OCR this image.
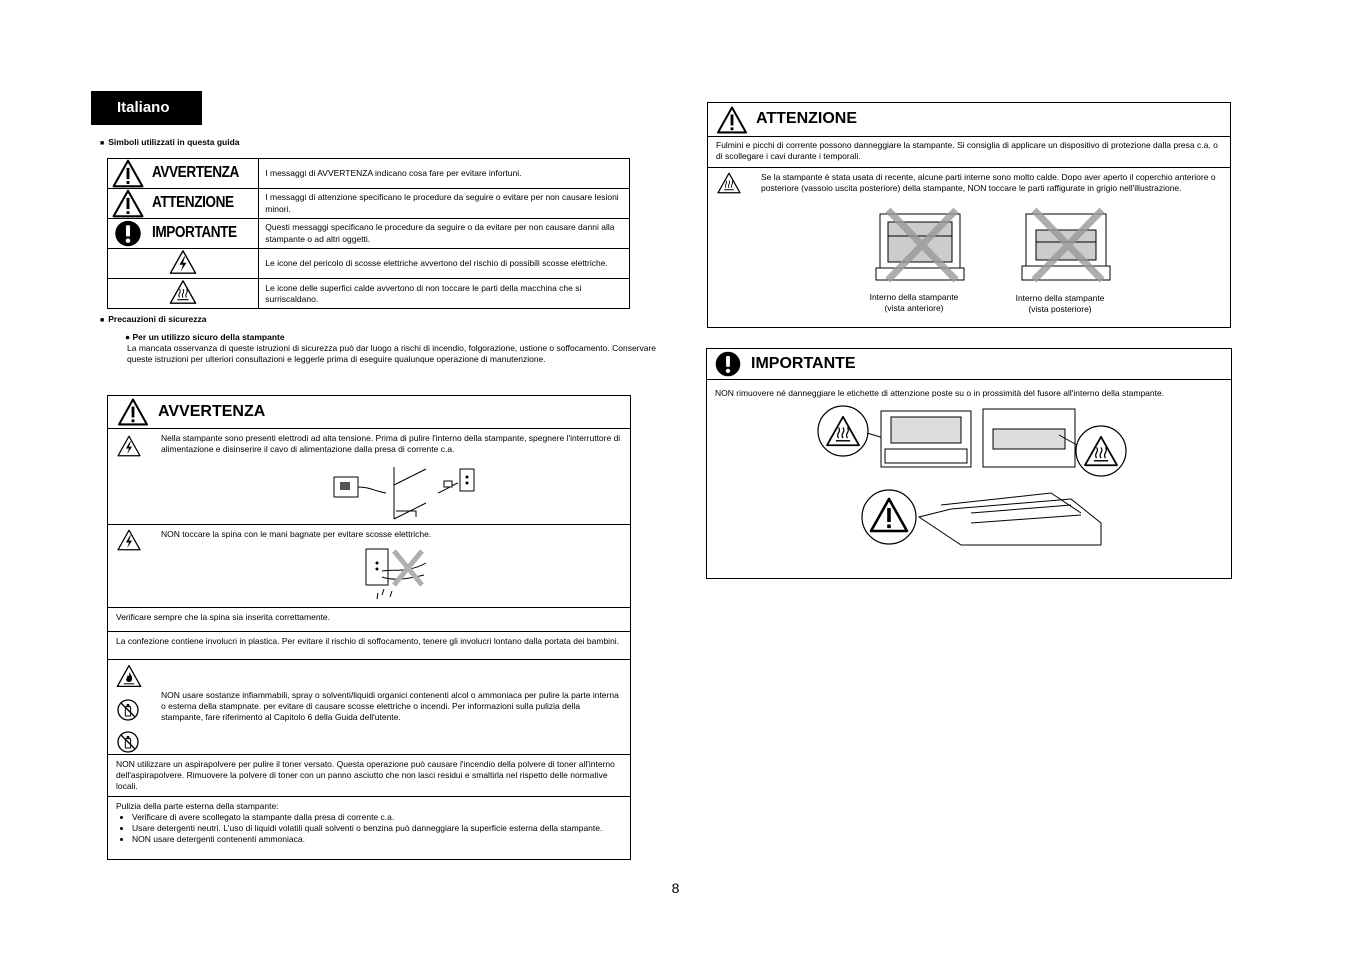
Italiano
■ Simboli utilizzati in questa guida
AVVERTENZA	I messaggi di AVVERTENZA indicano cosa fare per evitare infortuni.

ATTENZIONE	I messaggi di attenzione specificano le procedure da seguire o evitare per non causare lesioni minori.

IMPORTANTE	Questi messaggi specificano le procedure da seguire o da evitare per non causare danni alla stampante o ad altri oggetti.
	Le icone del pericolo di scosse elettriche avvertono del rischio di possibili scosse elettriche.
	Le icone delle superfici calde avvertono di non toccare le parti della macchina che si surriscaldano.
■ Precauzioni di sicurezza
● Per un utilizzo sicuro della stampante
La mancata osservanza di queste istruzioni di sicurezza può dar luogo a rischi di incendio, folgorazione, ustione o soffocamento. Conservare queste istruzioni per ulteriori consultazioni e leggerle prima di eseguire qualunque operazione di manutenzione.
AVVERTENZA
Nella stampante sono presenti elettrodi ad alta tensione. Prima di pulire l'interno della stampante, spegnere l'interruttore di alimentazione e disinserire il cavo di alimentazione dalla presa di corrente c.a.
NON toccare la spina con le mani bagnate per evitare scosse elettriche.
Verificare sempre che la spina sia inserita correttamente.
La confezione contiene involucri in plastica. Per evitare il rischio di soffocamento, tenere gli involucri lontano dalla portata dei bambini.
NON usare sostanze infiammabili, spray o solventi/liquidi organici contenenti alcol o ammoniaca per pulire la parte interna o esterna della stampnate. per evitare di causare scosse elettriche o incendi. Per informazioni sulla pulizia della stampante, fare riferimento al Capitolo 6 della Guida dell'utente.
NON utilizzare un aspirapolvere per pulire il toner versato. Questa operazione può causare l'incendio della polvere di toner all'interno dell'aspirapolvere. Rimuovere la polvere di toner con un panno asciutto che non lasci residui e smaltirla nel rispetto delle normative locali.
Pulizia della parte esterna della stampante:
• Verificare di avere scollegato la stampante dalla presa di corrente c.a.
• Usare detergenti neutri. L'uso di liquidi volatili quali solventi o benzina può danneggiare la superficie esterna della stampante.
• NON usare detergenti contenenti ammoniaca.
ATTENZIONE
Fulmini e picchi di corrente possono danneggiare la stampante. Si consiglia di applicare un dispositivo di protezione dalla presa c.a. o di scollegare i cavi durante i temporali.
Se la stampante è stata usata di recente, alcune parti interne sono molto calde. Dopo aver aperto il coperchio anteriore o posteriore (vassoio uscita posteriore) della stampante, NON toccare le parti raffigurate in grigio nell'illustrazione.
Interno della stampante
(vista anteriore)
Interno della stampante
(vista posteriore)
IMPORTANTE
NON rimuovere né danneggiare le etichette di attenzione poste su o in prossimità del fusore all'interno della stampante.
8
